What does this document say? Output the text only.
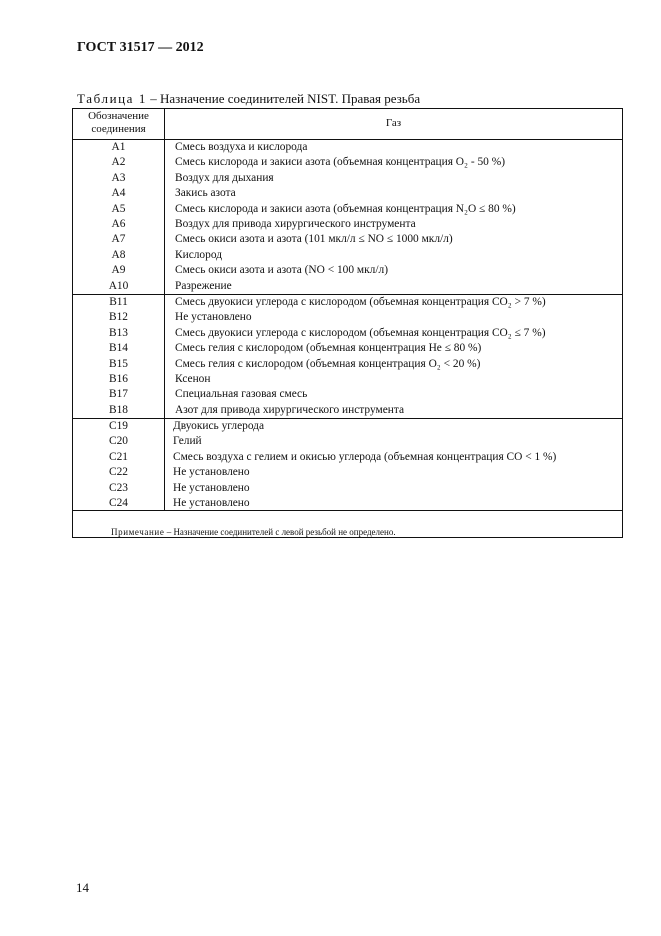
ГОСТ 31517 — 2012
Таблица 1 – Назначение соединителей NIST. Правая резьба
Обозначение соединения	Газ
A1	Смесь воздуха и кислорода
A2	Смесь кислорода и закиси азота (объемная концентрация O₂ - 50 %)
A3	Воздух для дыхания
A4	Закись азота
A5	Смесь кислорода и закиси азота (объемная концентрация N₂O ≤ 80 %)
A6	Воздух для привода хирургического инструмента
A7	Смесь окиси азота и азота (101 мкл/л ≤ NO ≤ 1000 мкл/л)
A8	Кислород
A9	Смесь окиси азота и азота (NO < 100 мкл/л)
A10	Разрежение
B11	Смесь двуокиси углерода с кислородом (объемная концентрация CO₂ > 7 %)
B12	Не установлено
B13	Смесь двуокиси углерода с кислородом (объемная концентрация CO₂ ≤ 7 %)
B14	Смесь гелия с кислородом (объемная концентрация He ≤ 80 %)
B15	Смесь гелия с кислородом (объемная концентрация O₂ < 20 %)
B16	Ксенон
B17	Специальная газовая смесь
B18	Азот для привода хирургического инструмента
C19	Двуокись углерода
C20	Гелий
C21	Смесь воздуха с гелием и окисью углерода (объемная концентрация CO < 1 %)
C22	Не установлено
C23	Не установлено
C24	Не установлено
Примечание – Назначение соединителей с левой резьбой не определено.
14
